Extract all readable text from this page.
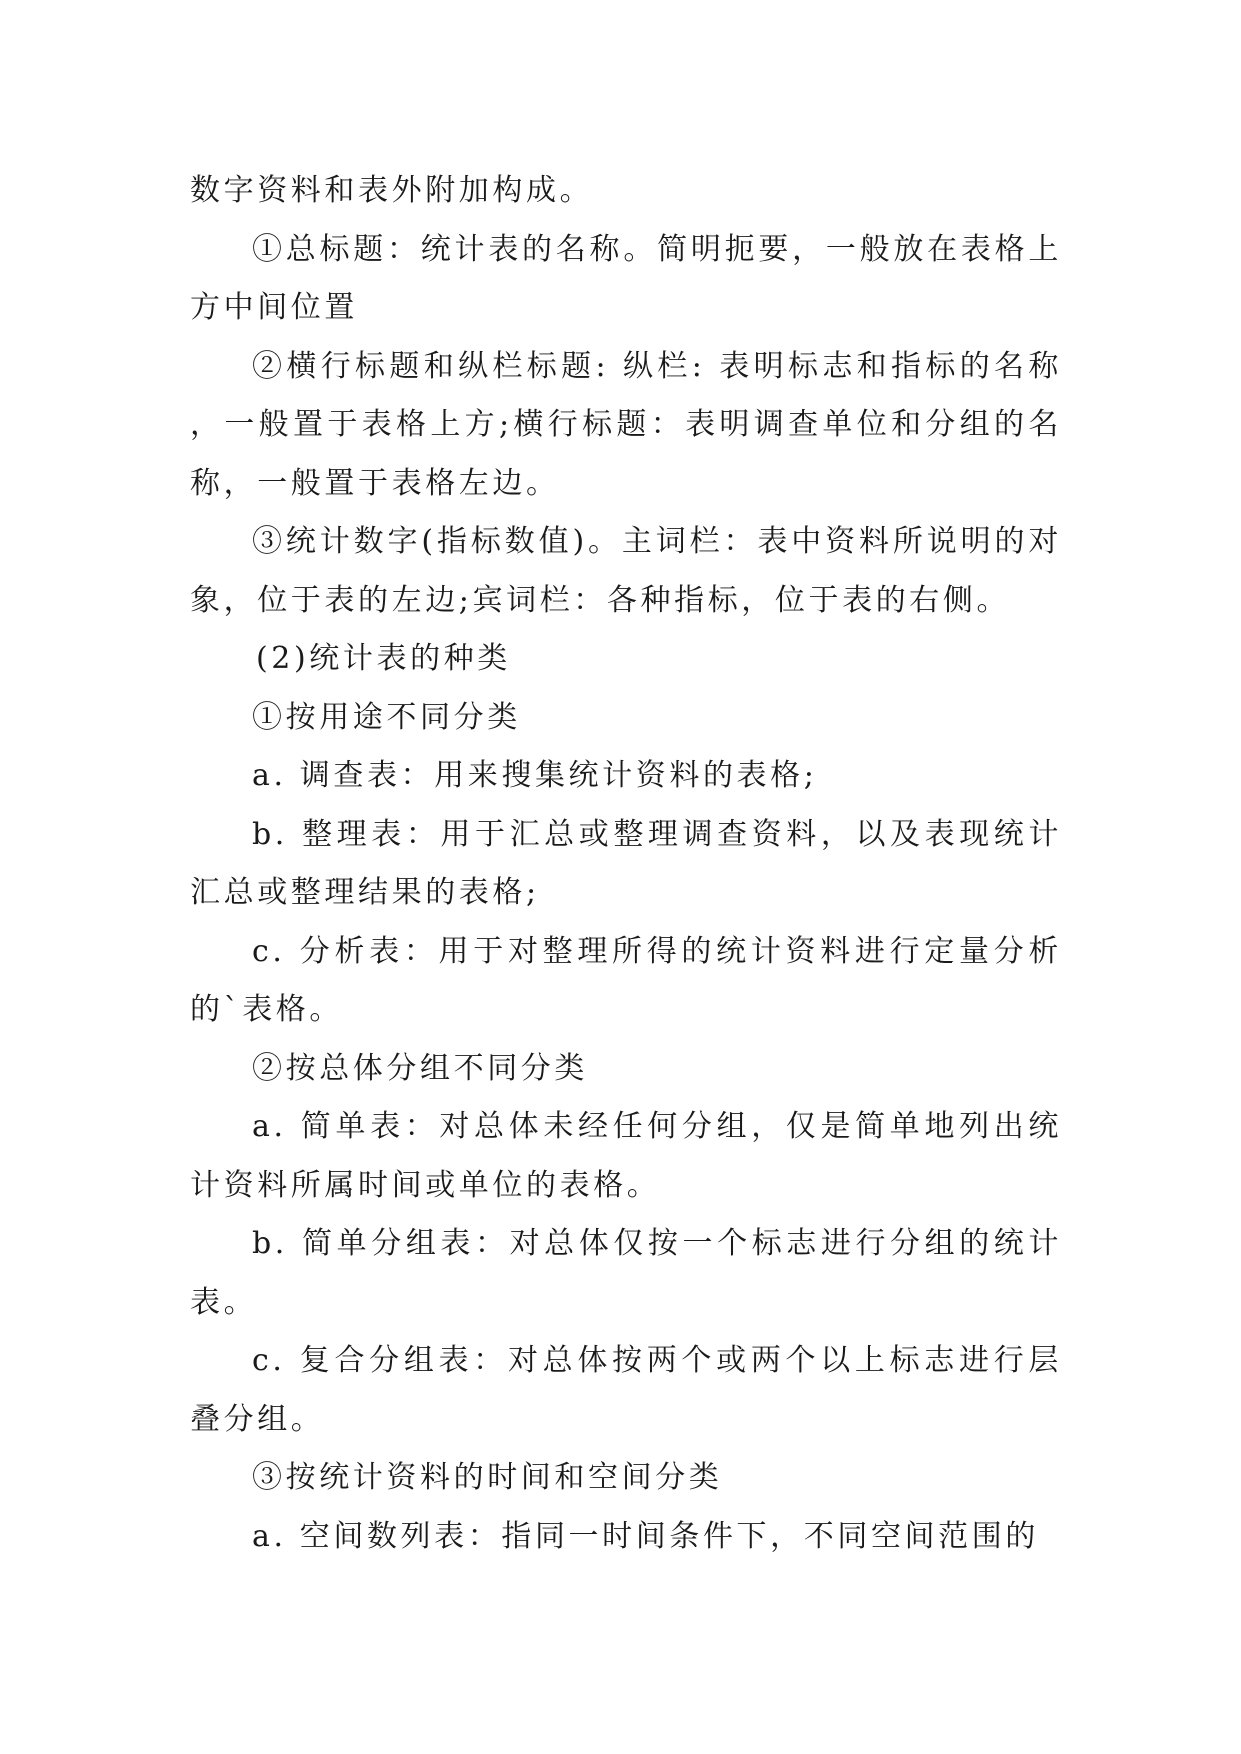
数字资料和表外附加构成。

①总标题：统计表的名称。简明扼要，一般放在表格上方中间位置

②横行标题和纵栏标题: 纵栏: 表明标志和指标的名称 ，一般置于表格上方;横行标题：表明调查单位和分组的名称，一般置于表格左边。

③统计数字(指标数值)。主词栏：表中资料所说明的对象，位于表的左边;宾词栏：各种指标，位于表的右侧。

(2)统计表的种类

①按用途不同分类

a. 调查表：用来搜集统计资料的表格;

b. 整理表：用于汇总或整理调查资料，以及表现统计汇总或整理结果的表格;

c. 分析表：用于对整理所得的统计资料进行定量分析的`表格。

②按总体分组不同分类

a. 简单表：对总体未经任何分组，仅是简单地列出统计资料所属时间或单位的表格。

b. 简单分组表：对总体仅按一个标志进行分组的统计表。

c. 复合分组表：对总体按两个或两个以上标志进行层叠分组。

③按统计资料的时间和空间分类

a. 空间数列表：指同一时间条件下，不同空间范围的
